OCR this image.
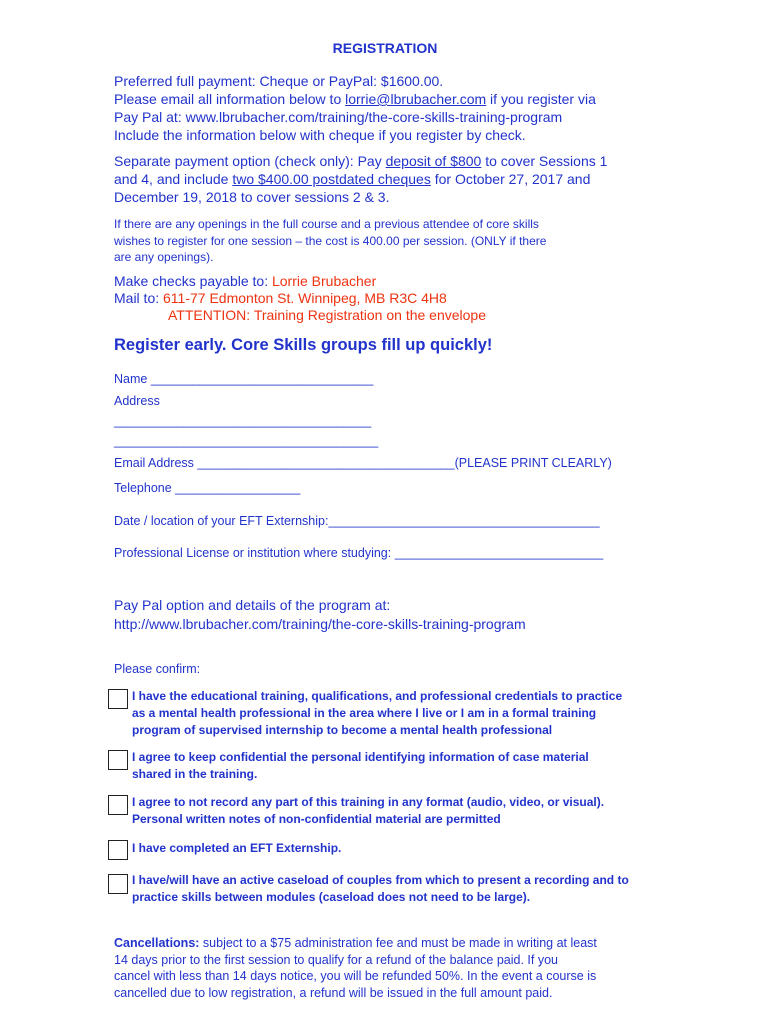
REGISTRATION
Preferred full payment: Cheque or PayPal: $1600.00.
Please email all information below to lorrie@lbrubacher.com if you register via
Pay Pal at: www.lbrubacher.com/training/the-core-skills-training-program
Include the information below with cheque if you register by check.
Separate payment option (check only): Pay deposit of $800 to cover Sessions 1
and 4, and include two $400.00 postdated cheques for October 27, 2017 and
December 19, 2018 to cover sessions 2 & 3.
If there are any openings in the full course and a previous attendee of core skills
wishes to register for one session – the cost is 400.00 per session. (ONLY if there
are any openings).
Make checks payable to: Lorrie Brubacher
Mail to: 611-77 Edmonton St. Winnipeg, MB R3C 4H8
ATTENTION: Training Registration on the envelope
Register early. Core Skills groups fill up quickly!
Name ________________________________
Address
_____________________________________
______________________________________
Email Address _____________________________________(PLEASE PRINT CLEARLY)
Telephone __________________
Date / location of your EFT Externship:_______________________________________
Professional License or institution where studying: ______________________________
Pay Pal option and details of the program at:
http://www.lbrubacher.com/training/the-core-skills-training-program
Please confirm:
I have the educational training, qualifications, and professional credentials to practice
as a mental health professional in the area where I live or I am in a formal training
program of supervised internship to become a mental health professional
I agree to keep confidential the personal identifying information of case material
shared in the training.
I agree to not record any part of this training in any format (audio, video, or visual).
Personal written notes of non-confidential material are permitted
I have completed an EFT Externship.
I have/will have an active caseload of couples from which to present a recording and to
practice skills between modules (caseload does not need to be large).
Cancellations: subject to a $75 administration fee and must be made in writing at least
14 days prior to the first session to qualify for a refund of the balance paid. If you
cancel with less than 14 days notice, you will be refunded 50%. In the event a course is
cancelled due to low registration, a refund will be issued in the full amount paid.
